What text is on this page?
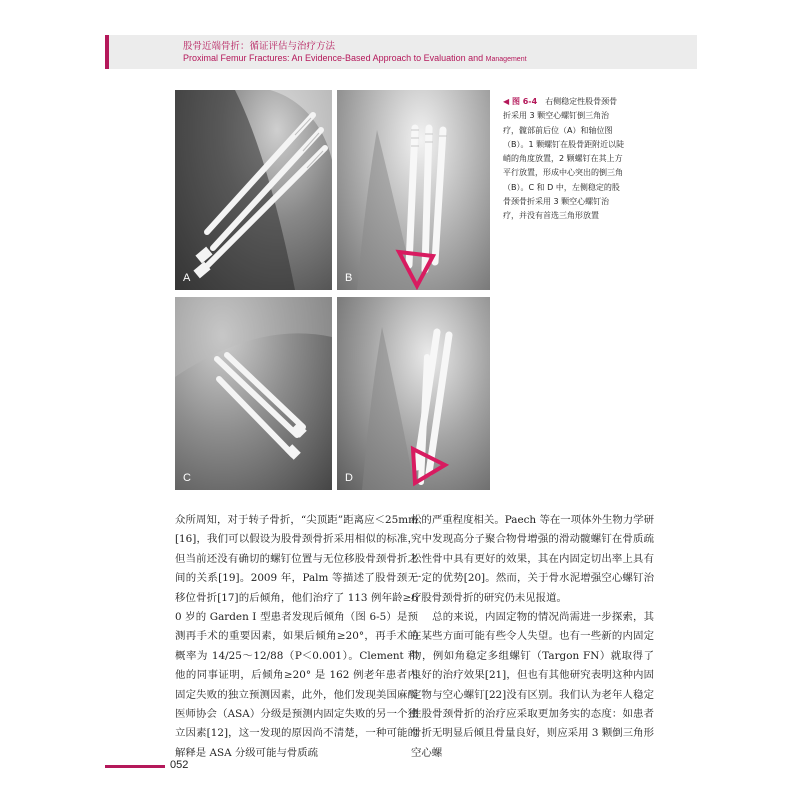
股骨近端骨折：循证评估与治疗方法
Proximal Femur Fractures: An Evidence-Based Approach to Evaluation and Management
A	B
C	D
◀ 图 6-4　 右侧稳定性股骨颈骨折采用 3 颗空心螺钉倒三角治疗，髋部前后位（A）和轴位图（B）。1 颗螺钉在股骨距附近以陡峭的角度放置，2 颗螺钉在其上方平行放置，形成中心突出的倒三角（B）。C 和 D 中，左侧稳定的股骨颈骨折采用 3 颗空心螺钉治疗，并没有首选三角形放置
众所周知，对于转子骨折，“尖顶距”距离应＜25mm[16]，我们可以假设为股骨颈骨折采用相似的标准，但当前还没有确切的螺钉位置与无位移股骨颈骨折之间的关系[19]。2009 年，Palm 等描述了股骨颈无移位骨折[17]的后倾角，他们治疗了 113 例年龄≥60 岁的 Garden Ⅰ 型患者发现后倾角（图 6-5）是预测再手术的重要因素，如果后倾角≥20°，再手术的概率为 14/25～12/88（P＜0.001）。Clement 和他的同事证明，后倾角≥20° 是 162 例老年患者内固定失败的独立预测因素，此外，他们发现美国麻醉医师协会（ASA）分级是预测内固定失败的另一个独立因素[12]，这一发现的原因尚不清楚，一种可能的解释是 ASA 分级可能与骨质疏
松的严重程度相关。Paech 等在一项体外生物力学研究中发现高分子聚合物骨增强的滑动髋螺钉在骨质疏松性骨中具有更好的效果，其在内固定切出率上具有一定的优势[20]。然而，关于骨水泥增强空心螺钉治疗股骨颈骨折的研究仍未见报道。
　　总的来说，内固定物的情况尚需进一步探索，其在某些方面可能有些令人失望。也有一些新的内固定物，例如角稳定多组螺钉（Targon FN）就取得了良好的治疗效果[21]，但也有其他研究表明这种内固定物与空心螺钉[22]没有区别。我们认为老年人稳定性股骨颈骨折的治疗应采取更加务实的态度：如患者骨折无明显后倾且骨量良好，则应采用 3 颗倒三角形空心螺
052
